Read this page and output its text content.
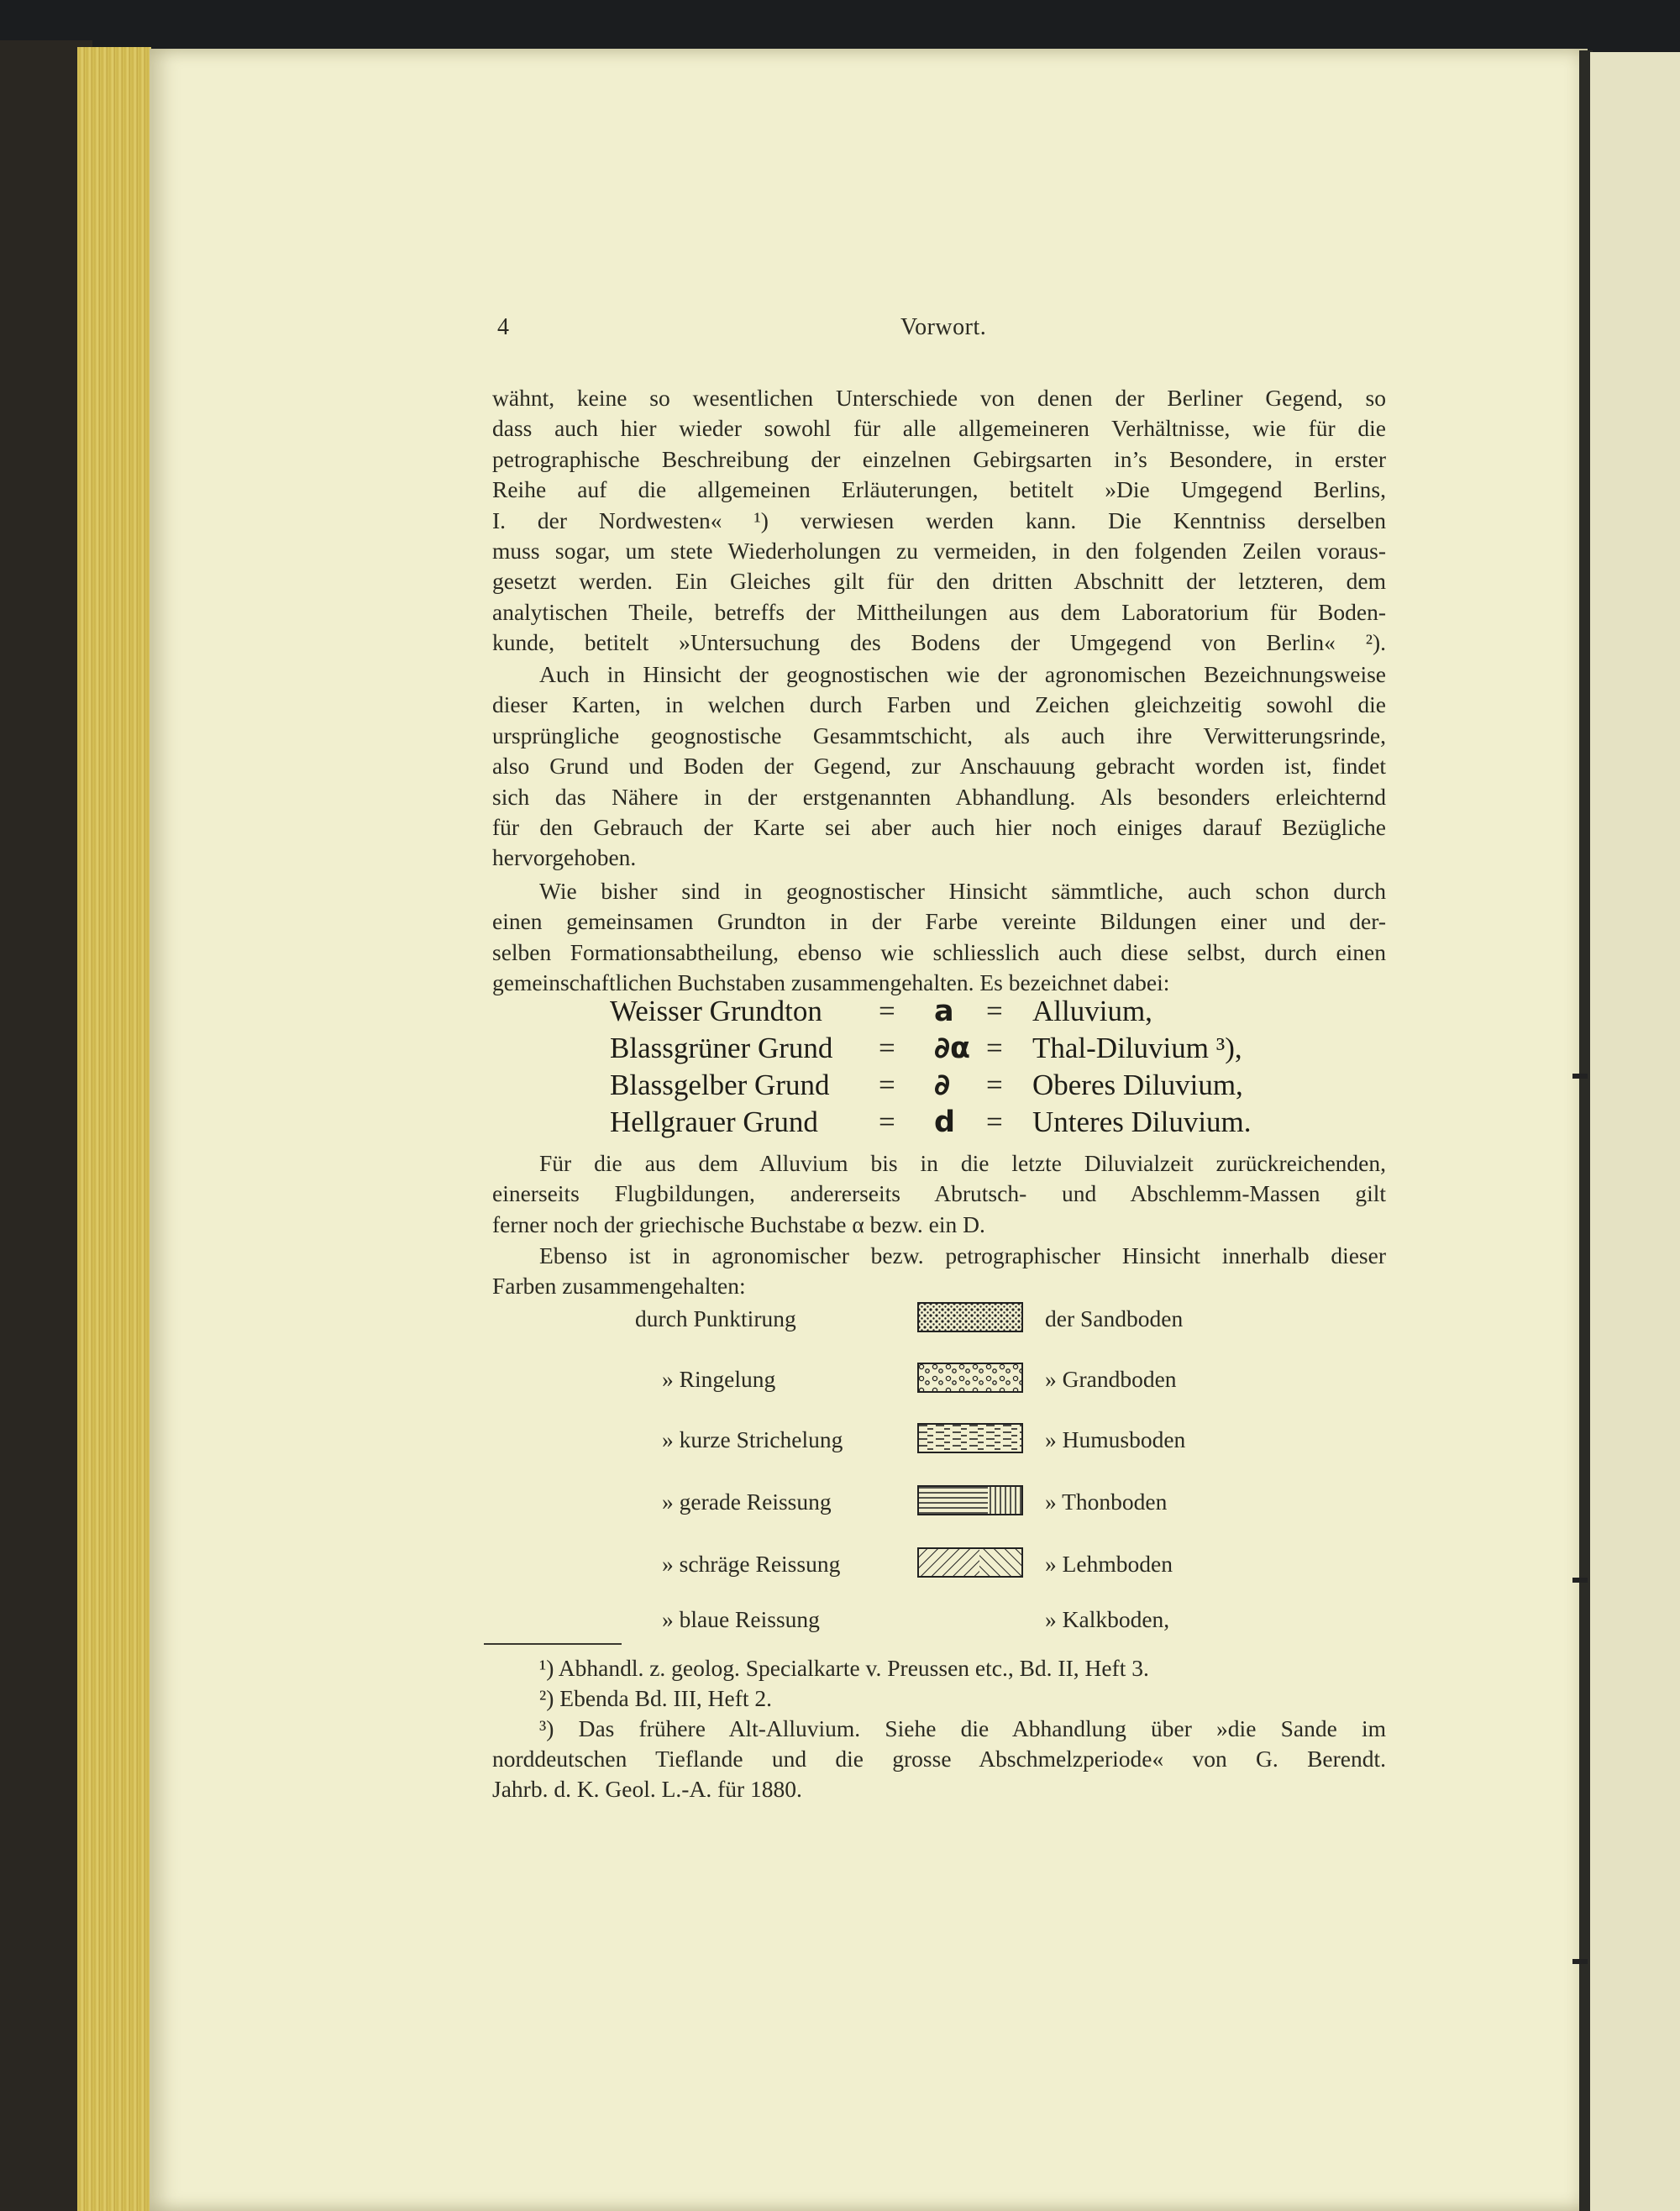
4	Vorwort.
wähnt, keine so wesentlichen Unterschiede von denen der Berliner Gegend, so
dass auch hier wieder sowohl für alle allgemeineren Verhältnisse, wie für die
petrographische Beschreibung der einzelnen Gebirgsarten in’s Besondere, in erster
Reihe auf die allgemeinen Erläuterungen, betitelt »Die Umgegend Berlins,
I. der Nordwesten« ¹) verwiesen werden kann. Die Kenntniss derselben
muss sogar, um stete Wiederholungen zu vermeiden, in den folgenden Zeilen voraus-
gesetzt werden. Ein Gleiches gilt für den dritten Abschnitt der letzteren, dem
analytischen Theile, betreffs der Mittheilungen aus dem Laboratorium für Boden-
kunde, betitelt »Untersuchung des Bodens der Umgegend von Berlin« ²).
Auch in Hinsicht der geognostischen wie der agronomischen Bezeichnungsweise
dieser Karten, in welchen durch Farben und Zeichen gleichzeitig sowohl die
ursprüngliche geognostische Gesammtschicht, als auch ihre Verwitterungsrinde,
also Grund und Boden der Gegend, zur Anschauung gebracht worden ist, findet
sich das Nähere in der erstgenannten Abhandlung. Als besonders erleichternd
für den Gebrauch der Karte sei aber auch hier noch einiges darauf Bezügliche
hervorgehoben.
Wie bisher sind in geognostischer Hinsicht sämmtliche, auch schon durch
einen gemeinsamen Grundton in der Farbe vereinte Bildungen einer und der-
selben Formationsabtheilung, ebenso wie schliesslich auch diese selbst, durch einen
gemeinschaftlichen Buchstaben zusammengehalten. Es bezeichnet dabei:
Weisser Grundton = a = Alluvium,
Blassgrüner Grund = ∂α = Thal-Diluvium ³),
Blassgelber Grund = ∂ = Oberes Diluvium,
Hellgrauer Grund = d = Unteres Diluvium.
Für die aus dem Alluvium bis in die letzte Diluvialzeit zurückreichenden,
einerseits Flugbildungen, andererseits Abrutsch- und Abschlemm-Massen gilt
ferner noch der griechische Buchstabe α bezw. ein D.
Ebenso ist in agronomischer bezw. petrographischer Hinsicht innerhalb dieser
Farben zusammengehalten:
durch Punktirung	der Sandboden
» Ringelung	» Grandboden
» kurze Strichelung	» Humusboden
» gerade Reissung	» Thonboden
» schräge Reissung	» Lehmboden
» blaue Reissung	» Kalkboden,
¹) Abhandl. z. geolog. Specialkarte v. Preussen etc., Bd. II, Heft 3.
²) Ebenda Bd. III, Heft 2.
³) Das frühere Alt-Alluvium. Siehe die Abhandlung über »die Sande im
norddeutschen Tieflande und die grosse Abschmelzperiode« von G. Berendt.
Jahrb. d. K. Geol. L.-A. für 1880.
